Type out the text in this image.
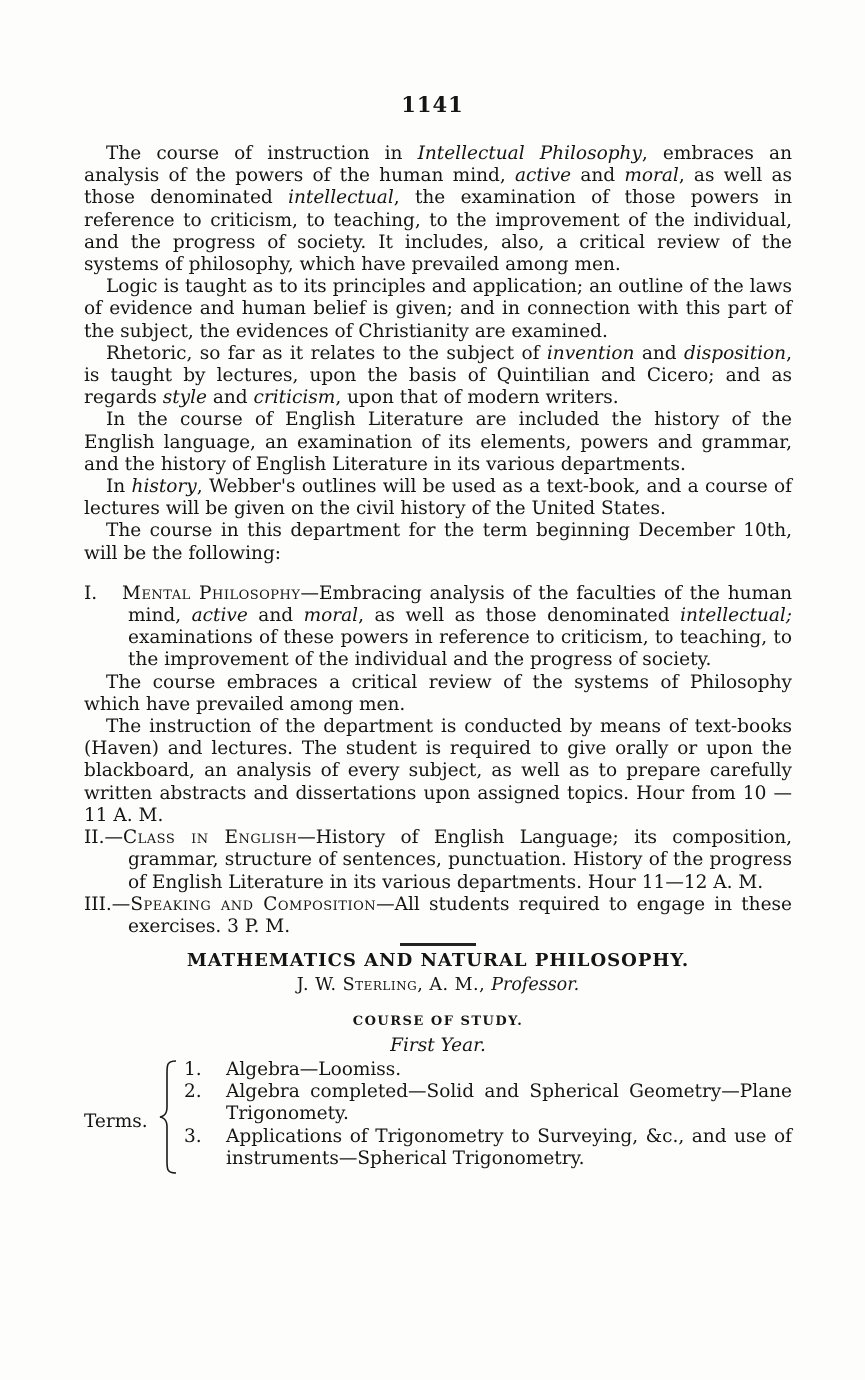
1141

The course of instruction in Intellectual Philosophy, embraces an analysis of the powers of the human mind, active and moral, as well as those denominated intellectual, the examination of those powers in reference to criticism, to teaching, to the improvement of the individual, and the progress of society. It includes, also, a critical review of the systems of philosophy, which have prevailed among men.

Logic is taught as to its principles and application; an outline of the laws of evidence and human belief is given; and in connection with this part of the subject, the evidences of Christianity are examined.

Rhetoric, so far as it relates to the subject of invention and disposition, is taught by lectures, upon the basis of Quintilian and Cicero; and as regards style and criticism, upon that of modern writers.

In the course of English Literature are included the history of the English language, an examination of its elements, powers and grammar, and the history of English Literature in its various departments.

In history, Webber's outlines will be used as a text-book, and a course of lectures will be given on the civil history of the United States.

The course in this department for the term beginning December 10th, will be the following:

I. Mental Philosophy—Embracing analysis of the faculties of the human mind, active and moral, as well as those denominated intellectual; examinations of these powers in reference to criticism, to teaching, to the improvement of the individual and the progress of society.

The course embraces a critical review of the systems of Philosophy which have prevailed among men.

The instruction of the department is conducted by means of text-books (Haven) and lectures. The student is required to give orally or upon the blackboard, an analysis of every subject, as well as to prepare carefully written abstracts and dissertations upon assigned topics. Hour from 10 —11 A. M.

II.—Class in English—History of English Language; its composition, grammar, structure of sentences, punctuation. History of the progress of English Literature in its various departments. Hour 11—12 A. M.

III.—Speaking and Composition—All students required to engage in these exercises. 3 P. M.

MATHEMATICS AND NATURAL PHILOSOPHY.
J. W. Sterling, A. M., Professor.
COURSE OF STUDY.
First Year.
Terms.
1. Algebra—Loomiss.
2. Algebra completed—Solid and Spherical Geometry—Plane Trigonomety.
3. Applications of Trigonometry to Surveying, &c., and use of instruments—Spherical Trigonometry.
